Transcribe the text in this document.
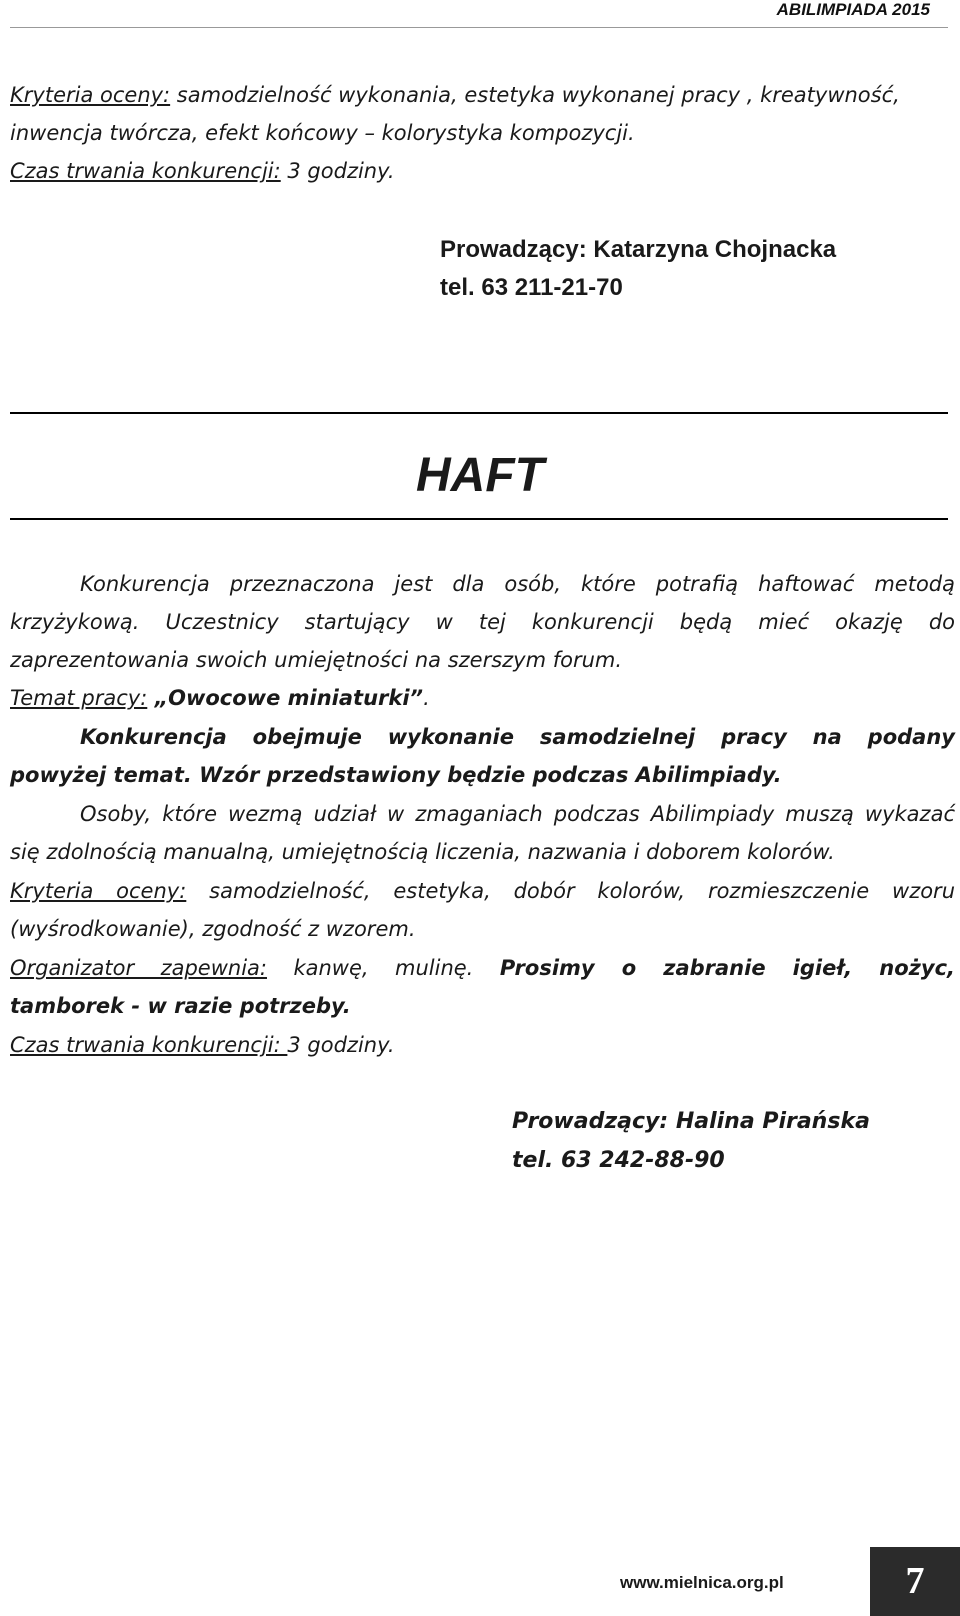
ABILIMPIADA 2015
Kryteria oceny: samodzielność wykonania, estetyka wykonanej pracy , kreatywność,
inwencja twórcza, efekt końcowy – kolorystyka kompozycji.
Czas trwania konkurencji: 3 godziny.
Prowadzący: Katarzyna Chojnacka
tel. 63 211-21-70
HAFT
Konkurencja przeznaczona jest dla osób, które potrafią haftować metodą
krzyżykową. Uczestnicy startujący w tej konkurencji będą mieć okazję do
zaprezentowania swoich umiejętności na szerszym forum.
Temat pracy: „Owocowe miniaturki”.
Konkurencja obejmuje wykonanie samodzielnej pracy na podany
powyżej temat. Wzór przedstawiony będzie podczas Abilimpiady.
Osoby, które wezmą udział w zmaganiach podczas Abilimpiady muszą wykazać
się zdolnością manualną, umiejętnością liczenia, nazwania i doborem kolorów.
Kryteria oceny: samodzielność, estetyka, dobór kolorów, rozmieszczenie wzoru
(wyśrodkowanie), zgodność z wzorem.
Organizator zapewnia: kanwę, mulinę. Prosimy o zabranie igieł, nożyc,
tamborek - w razie potrzeby.
Czas trwania konkurencji: 3 godziny.
Prowadzący: Halina Pirańska
tel. 63 242-88-90
www.mielnica.org.pl	7
